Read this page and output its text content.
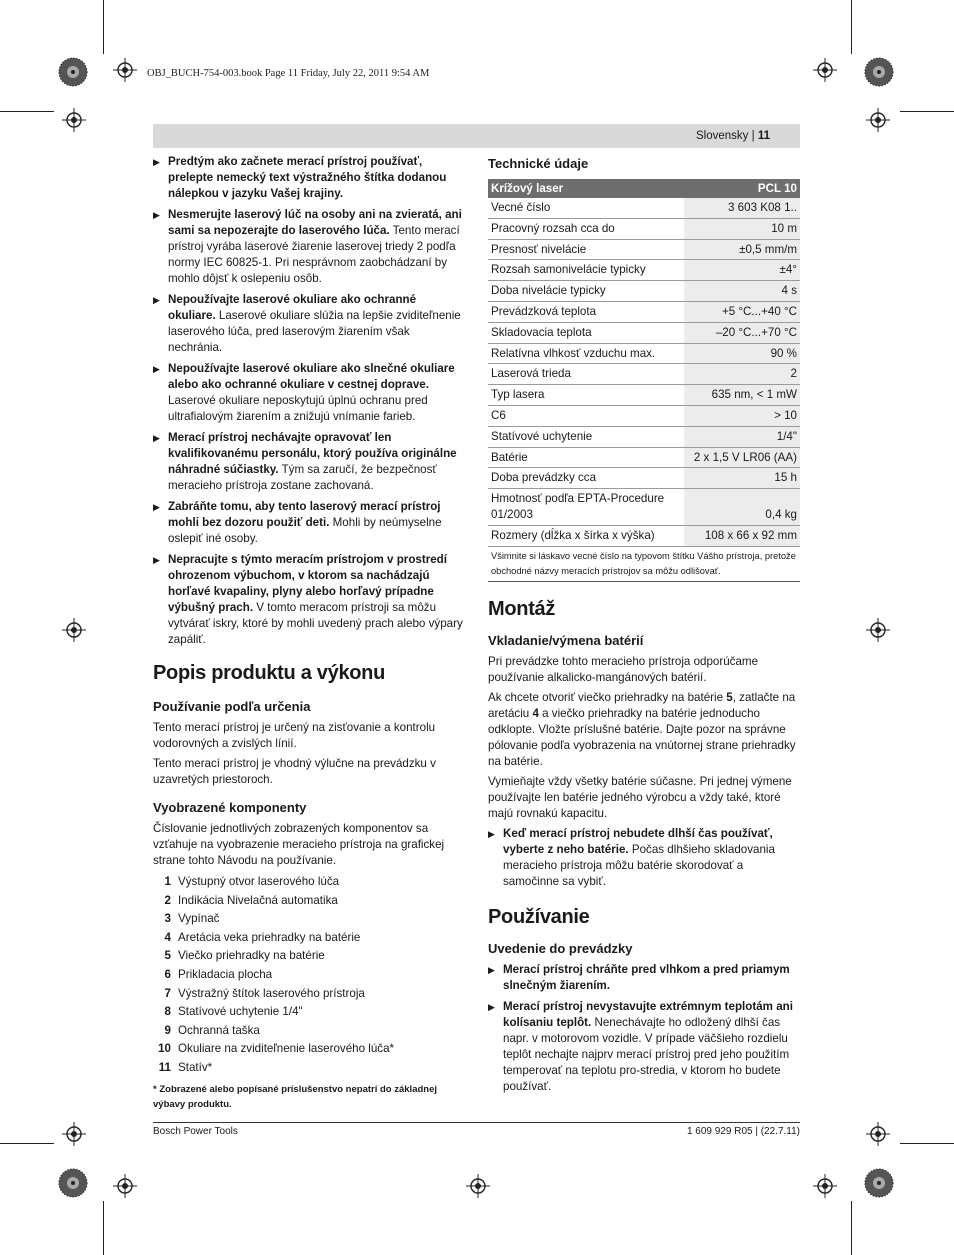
OBJ_BUCH-754-003.book Page 11 Friday, July 22, 2011 9:54 AM
Slovensky | 11
▶ Predtým ako začnete merací prístroj používať, prelepte nemecký text výstražného štítka dodanou nálepkou v jazyku Vašej krajiny.
▶ Nesmerujte laserový lúč na osoby ani na zvieratá, ani sami sa nepozerajte do laserového lúča. Tento merací prístroj vyrába laserové žiarenie laserovej triedy 2 podľa normy IEC 60825-1. Pri nesprávnom zaobchádzaní by mohlo dôjsť k oslepeniu osôb.
▶ Nepoužívajte laserové okuliare ako ochranné okuliare. Laserové okuliare slúžia na lepšie zviditeľnenie laserového lúča, pred laserovým žiarením však nechránia.
▶ Nepoužívajte laserové okuliare ako slnečné okuliare alebo ako ochranné okuliare v cestnej doprave. Laserové okuliare neposkytujú úplnú ochranu pred ultrafialovým žiarením a znižujú vnímanie farieb.
▶ Merací prístroj nechávajte opravovať len kvalifikovanému personálu, ktorý používa originálne náhradné súčiastky. Tým sa zaručí, že bezpečnosť meracieho prístroja zostane zachovaná.
▶ Zabráňte tomu, aby tento laserový merací prístroj mohli bez dozoru použiť deti. Mohli by neúmyselne oslepiť iné osoby.
▶ Nepracujte s týmto meracím prístrojom v prostredí ohrozenom výbuchom, v ktorom sa nachádzajú horľavé kvapaliny, plyny alebo horľavý prípadne výbušný prach. V tomto meracom prístroji sa môžu vytvárať iskry, ktoré by mohli uvedený prach alebo výpary zapáliť.
Popis produktu a výkonu
Používanie podľa určenia

Tento merací prístroj je určený na zisťovanie a kontrolu vodorovných a zvislých línií.

Tento merací prístroj je vhodný výlučne na prevádzku v uzavretých priestoroch.

Vyobrazené komponenty

Číslovanie jednotlivých zobrazených komponentov sa vzťahuje na vyobrazenie meracieho prístroja na grafickej strane tohto Návodu na používanie.

1 Výstupný otvor laserového lúča
2 Indikácia Nivelačná automatika
3 Vypínač
4 Aretácia veka priehradky na batérie
5 Viečko priehradky na batérie
6 Prikladacia plocha
7 Výstražný štítok laserového prístroja
8 Statívové uchytenie 1/4"
9 Ochranná taška
10 Okuliare na zviditeľnenie laserového lúča*
11 Statív*
* Zobrazené alebo popísané príslušenstvo nepatrí do základnej výbavy produktu.
Technické údaje
Krížový laser	PCL 10
Vecné číslo	3 603 K08 1..
Pracovný rozsah cca do	10 m
Presnosť nivelácie	±0,5 mm/m
Rozsah samonivelácie typicky	±4°
Doba nivelácie typicky	4 s
Prevádzková teplota	+5 °C...+40 °C
Skladovacia teplota	–20 °C...+70 °C
Relatívna vlhkosť vzduchu max.	90 %
Laserová trieda	2
Typ lasera	635 nm, < 1 mW
C6	> 10
Statívové uchytenie	1/4"
Batérie	2 x 1,5 V LR06 (AA)
Doba prevádzky cca	15 h
Hmotnosť podľa EPTA-Procedure 01/2003	0,4 kg
Rozmery (dĺžka x šírka x výška)	108 x 66 x 92 mm
Všimnite si láskavo vecné číslo na typovom štítku Vášho prístroja, pretože obchodné názvy meracích prístrojov sa môžu odlišovať.
Montáž
Vkladanie/výmena batérií

Pri prevádzke tohto meracieho prístroja odporúčame používanie alkalicko-mangánových batérií.

Ak chcete otvoriť viečko priehradky na batérie 5, zatlačte na aretáciu 4 a viečko priehradky na batérie jednoducho odklopte. Vložte príslušné batérie. Dajte pozor na správne pólovanie podľa vyobrazenia na vnútornej strane priehradky na batérie.

Vymieňajte vždy všetky batérie súčasne. Pri jednej výmene používajte len batérie jedného výrobcu a vždy také, ktoré majú rovnakú kapacitu.

▶ Keď merací prístroj nebudete dlhší čas používať, vyberte z neho batérie. Počas dlhšieho skladovania meracieho prístroja môžu batérie skorodovať a samočinne sa vybiť.
Používanie
Uvedenie do prevádzky
▶ Merací prístroj chráňte pred vlhkom a pred priamym slnečným žiarením.
▶ Merací prístroj nevystavujte extrémnym teplotám ani kolísaniu teplôt. Nenechávajte ho odložený dlhší čas napr. v motorovom vozidle. V prípade väčšieho rozdielu teplôt nechajte najprv merací prístroj pred jeho použitím temperovať na teplotu pro-stredia, v ktorom ho budete používať.
Bosch Power Tools	1 609 929 R05 | (22.7.11)
